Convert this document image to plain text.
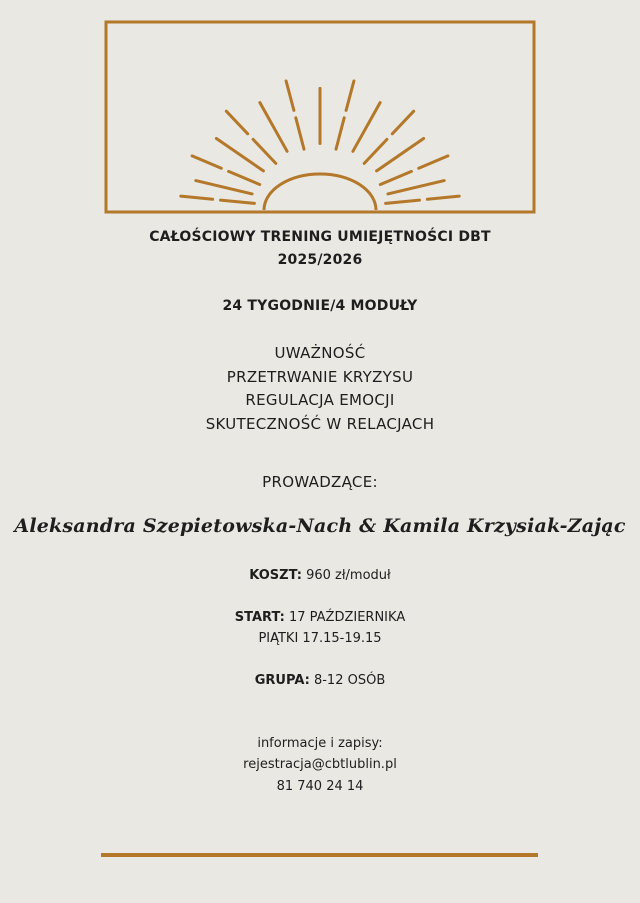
CAŁOŚCIOWY TRENING UMIEJĘTNOŚCI DBT
2025/2026
24 TYGODNIE/4 MODUŁY
UWAŻNOŚĆ
PRZETRWANIE KRYZYSU
REGULACJA EMOCJI
SKUTECZNOŚĆ W RELACJACH
PROWADZĄCE:
Aleksandra Szepietowska-Nach & Kamila Krzysiak-Zając
KOSZT: 960 zł/moduł
START: 17 PAŹDZIERNIKA
PIĄTKI 17.15-19.15
GRUPA: 8-12 OSÓB
informacje i zapisy:
rejestracja@cbtlublin.pl
81 740 24 14
